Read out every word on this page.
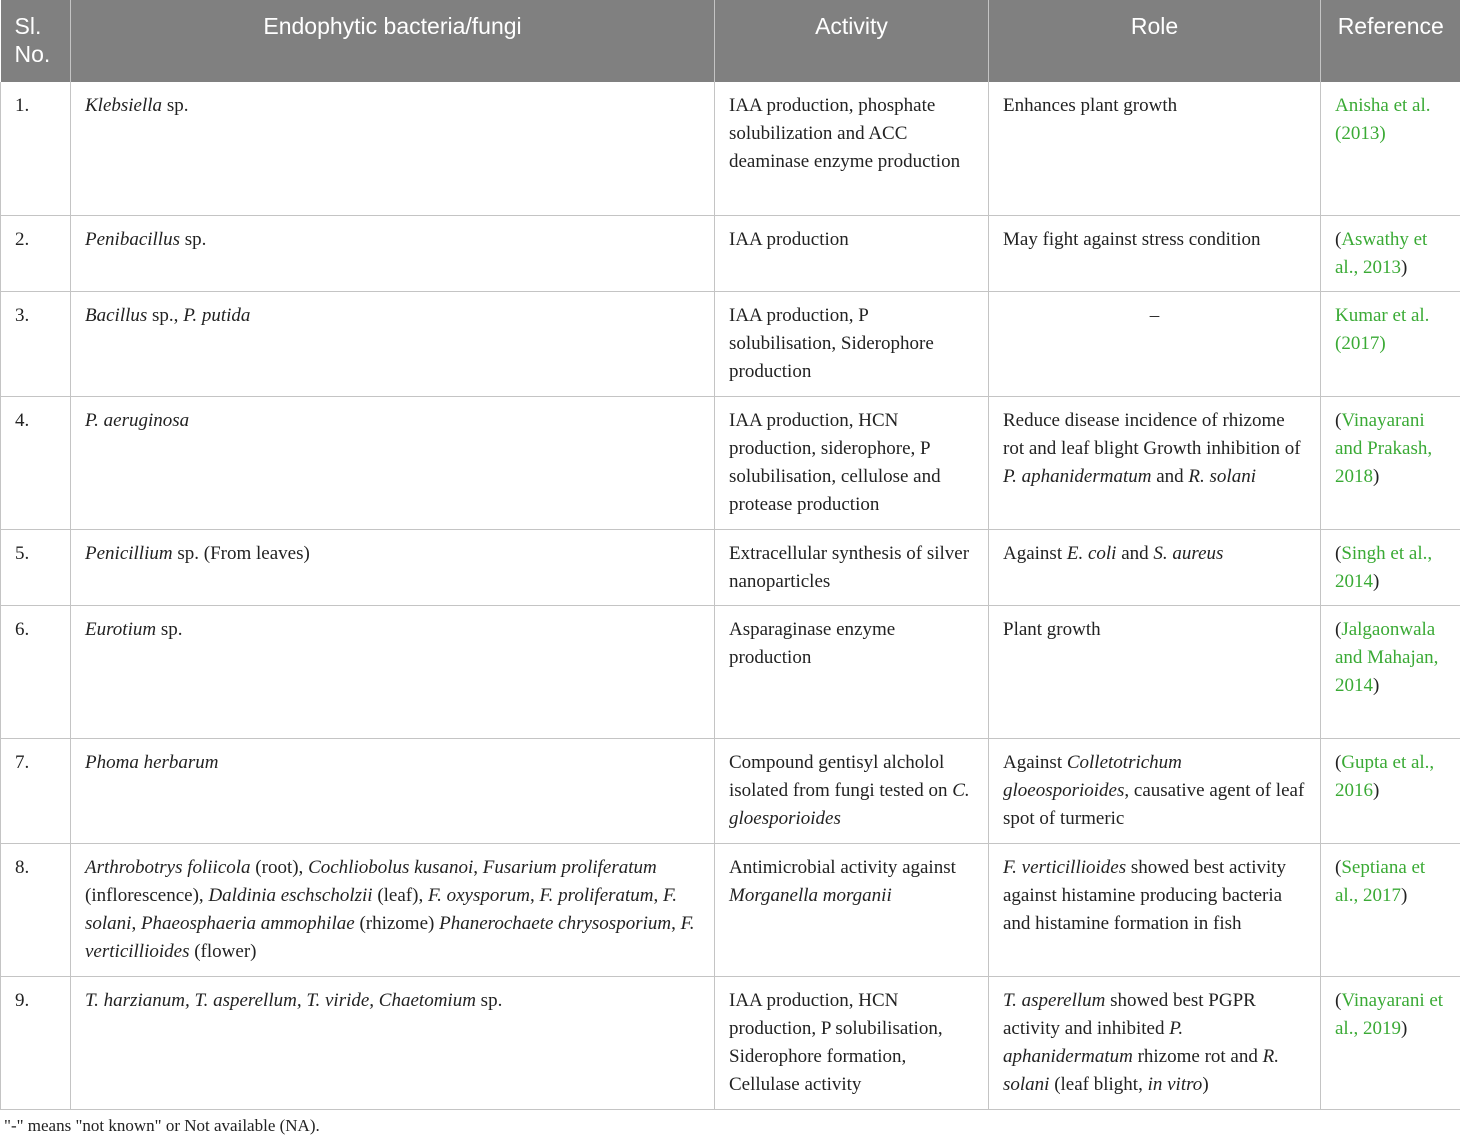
Sl. No.	Endophytic bacteria/fungi	Activity	Role	Reference
1.	Klebsiella sp.	IAA production, phosphate solubilization and ACC deaminase enzyme production	Enhances plant growth	Anisha et al. (2013)
2.	Penibacillus sp.	IAA production	May fight against stress condition	(Aswathy et al., 2013)
3.	Bacillus sp., P. putida	IAA production, P solubilisation, Siderophore production	–	Kumar et al. (2017)
4.	P. aeruginosa	IAA production, HCN production, siderophore, P solubilisation, cellulose and protease production	Reduce disease incidence of rhizome rot and leaf blight Growth inhibition of P. aphanidermatum and R. solani	(Vinayarani and Prakash, 2018)
5.	Penicillium sp. (From leaves)	Extracellular synthesis of silver nanoparticles	Against E. coli and S. aureus	(Singh et al., 2014)
6.	Eurotium sp.	Asparaginase enzyme production	Plant growth	(Jalgaonwala and Mahajan, 2014)
7.	Phoma herbarum	Compound gentisyl alcholol isolated from fungi tested on C. gloesporioides	Against Colletotrichum gloeosporioides, causative agent of leaf spot of turmeric	(Gupta et al., 2016)
8.	Arthrobotrys foliicola (root), Cochliobolus kusanoi, Fusarium proliferatum (inflorescence), Daldinia eschscholzii (leaf), F. oxysporum, F. proliferatum, F. solani, Phaeosphaeria ammophilae (rhizome) Phanerochaete chrysosporium, F. verticillioides (flower)	Antimicrobial activity against Morganella morganii	F. verticillioides showed best activity against histamine producing bacteria and histamine formation in fish	(Septiana et al., 2017)
9.	T. harzianum, T. asperellum, T. viride, Chaetomium sp.	IAA production, HCN production, P solubilisation, Siderophore formation, Cellulase activity	T. asperellum showed best PGPR activity and inhibited P. aphanidermatum rhizome rot and R. solani (leaf blight, in vitro)	(Vinayarani et al., 2019)
"-" means "not known" or Not available (NA).
